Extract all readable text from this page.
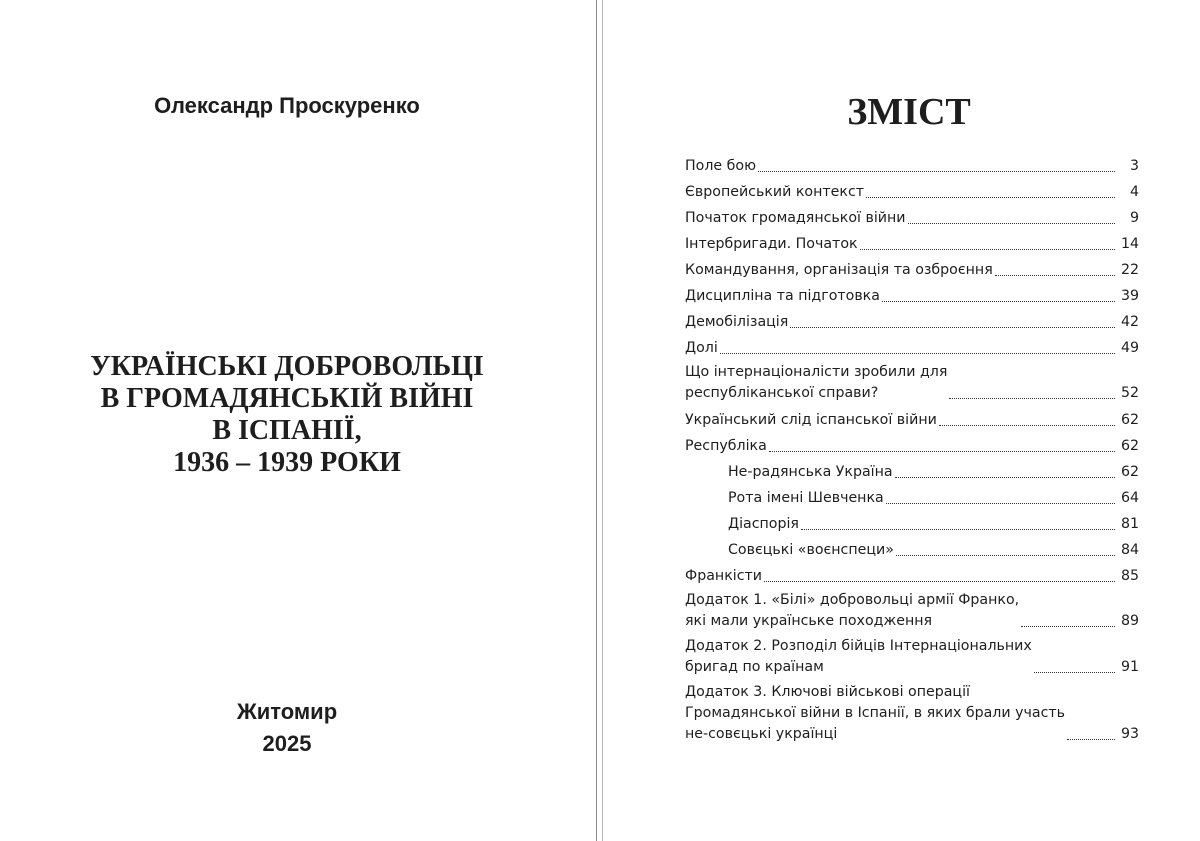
Олександр Проскуренко

УКРАЇНСЬКІ ДОБРОВОЛЬЦІ
В ГРОМАДЯНСЬКІЙ ВІЙНІ
В ІСПАНІЇ,
1936 – 1939 РОКИ
Житомир
2025
ЗМІСТ
Поле бою	3
Європейський контекст	4
Початок громадянської війни	9
Інтербригади. Початок	14
Командування, організація та озброєння	22
Дисципліна та підготовка	39
Демобілізація	42
Долі	49
Що інтернаціоналісти зробили для
республіканської справи?	52
Український слід іспанської війни	62
Республіка	62
Не-радянська Україна	62
Рота імені Шевченка	64
Діаспорія	81
Совєцькі «воєнспеци»	84
Франкісти	85
Додаток 1. «Білі» добровольці армії Франко,
які мали українське походження	89
Додаток 2. Розподіл бійців Інтернаціональних
бригад по країнам	91
Додаток 3. Ключові військові операції
Громадянської війни в Іспанії, в яких брали участь
не-совєцькі українці	93
